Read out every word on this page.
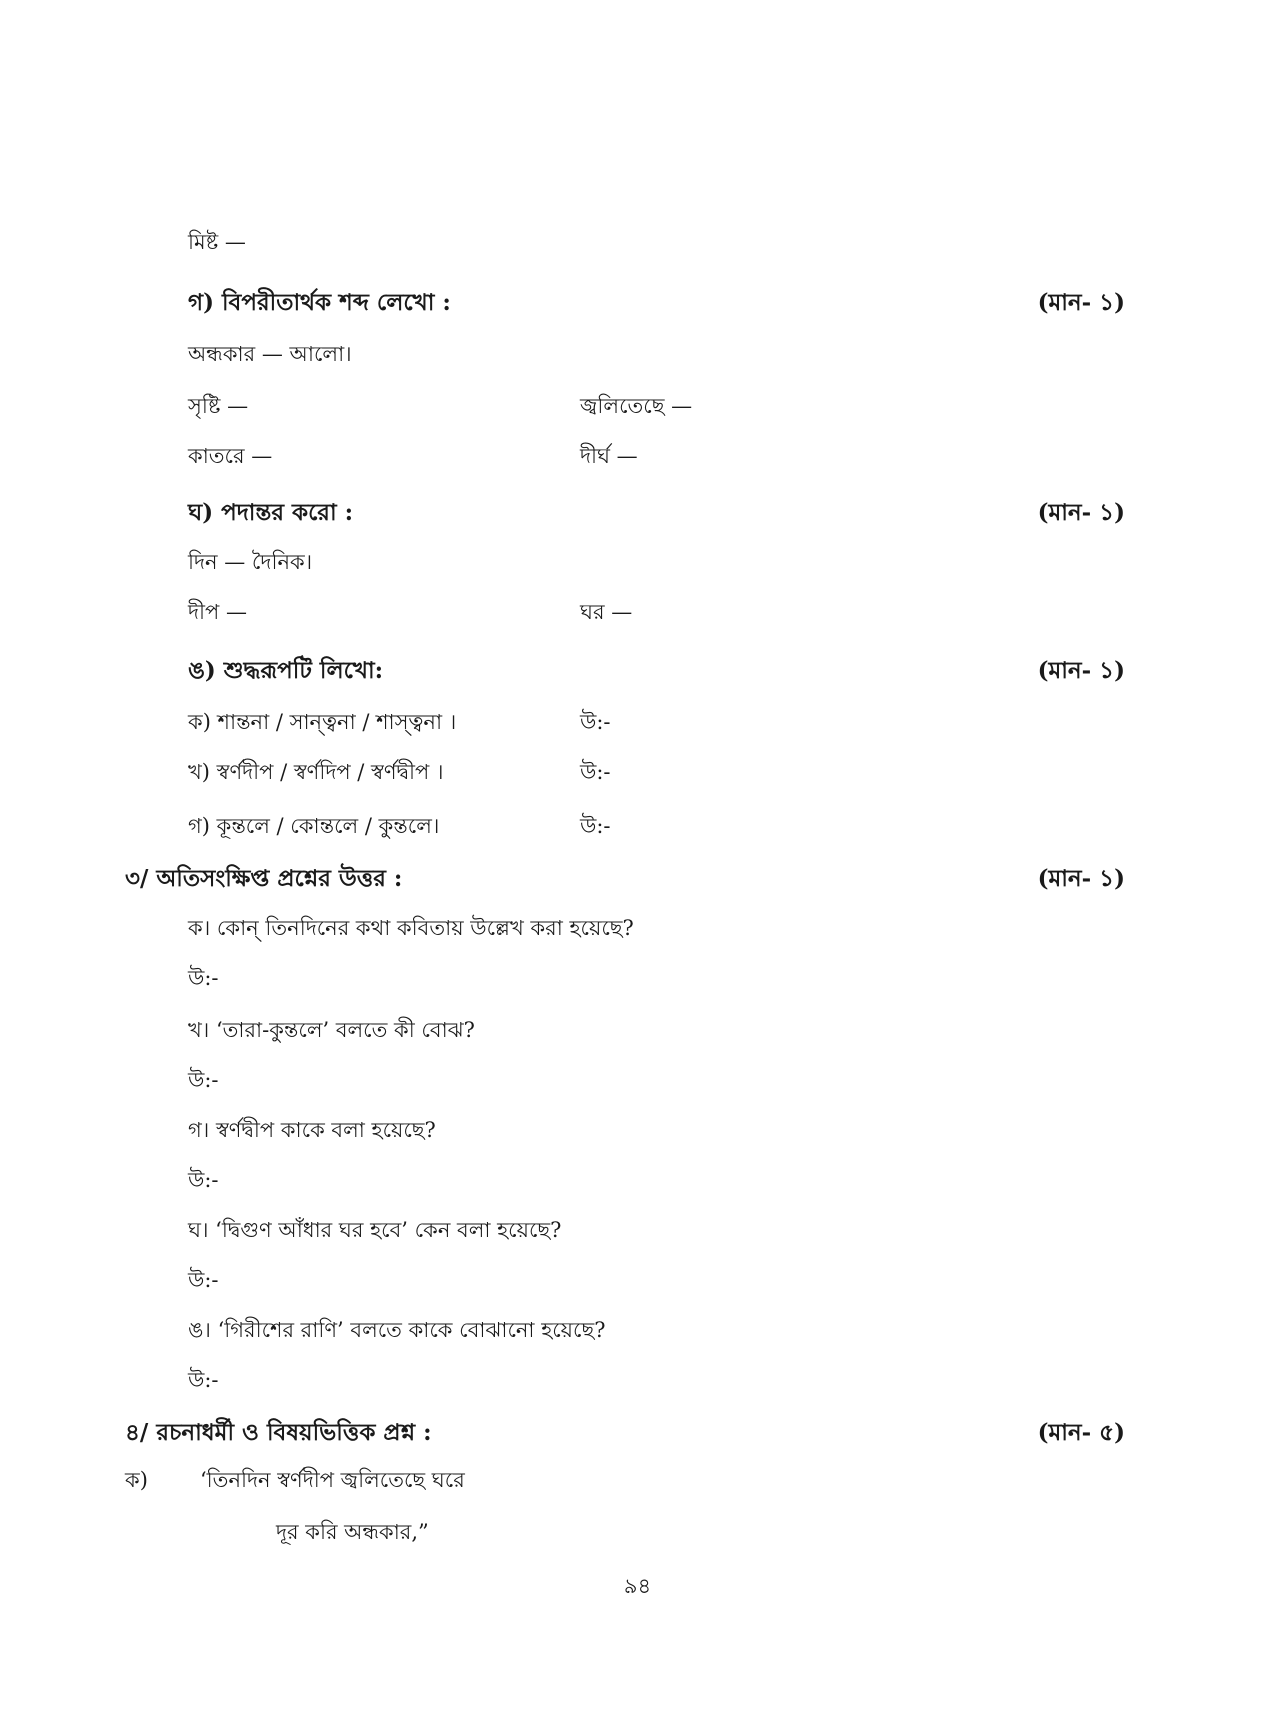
মিষ্ট —
গ) বিপরীতার্থক শব্দ লেখো :	(মান- ১)
অন্ধকার — আলো।
সৃষ্টি —	জ্বলিতেছে —
কাতরে —	দীর্ঘ —
ঘ) পদান্তর করো :	(মান- ১)
দিন — দৈনিক।
দীপ —	ঘর —
ঙ) শুদ্ধরূপটি লিখো:	(মান- ১)
ক) শান্তনা / সান্ত্বনা / শাস্ত্বনা ।	উ:-
খ) স্বর্ণদীপ / স্বর্ণদিপ / স্বর্ণদ্বীপ ।	উ:-
গ) কূন্তলে / কোন্তলে / কুন্তলে।	উ:-
৩/ অতিসংক্ষিপ্ত প্রশ্নের উত্তর :	(মান- ১)
ক। কোন্ তিনদিনের কথা কবিতায় উল্লেখ করা হয়েছে?
উ:-
খ। ‘তারা-কুন্তলে’ বলতে কী বোঝ?
উ:-
গ। স্বর্ণদ্বীপ কাকে বলা হয়েছে?
উ:-
ঘ। ‘দ্বিগুণ আঁধার ঘর হবে’ কেন বলা হয়েছে?
উ:-
ঙ। ‘গিরীশের রাণি’ বলতে কাকে বোঝানো হয়েছে?
উ:-
৪/ রচনাধর্মী ও বিষয়ভিত্তিক প্রশ্ন :	(মান- ৫)
ক) ‘তিনদিন স্বর্ণদীপ জ্বলিতেছে ঘরে
দূর করি অন্ধকার,”
৯৪
